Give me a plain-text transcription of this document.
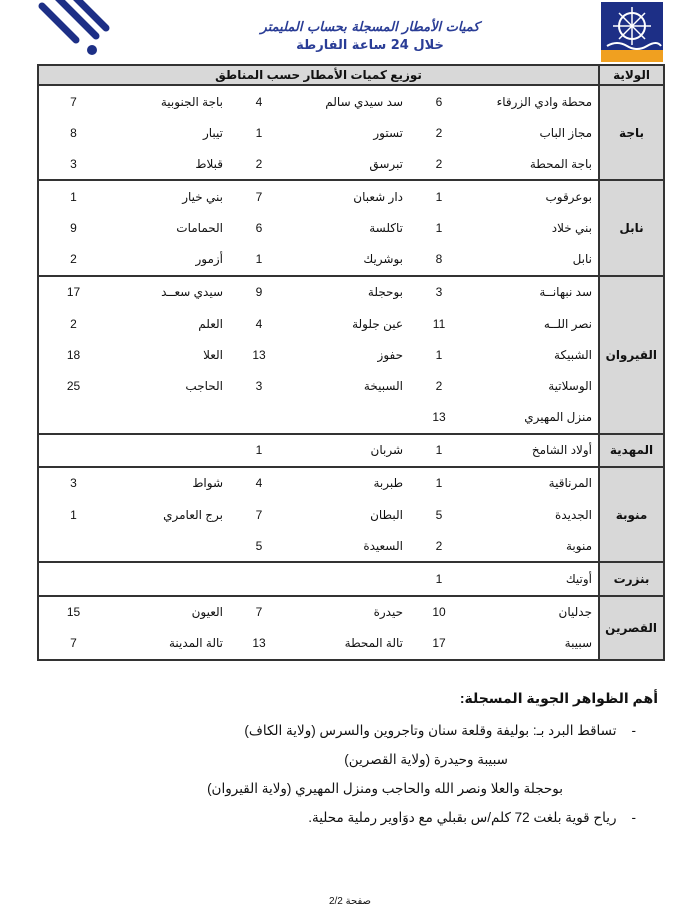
كميات الأمطار المسجلة بحساب المليمتر
خلال 24 ساعة الفارطة
الولاية	توزيع كميات الأمطار حسب المناطق					
باجة	محطة وادي الزرقاء	6	سد سيدي سالم	4	باجة الجنوبية	7
	مجاز الباب	2	تستور	1	تيبار	8
	باجة المحطة	2	تبرسق	2	قبلاط	3
نابل	بوعرقوب	1	دار شعبان	7	بني خيار	1
	بني خلاد	1	تاكلسة	6	الحمامات	9
	نابل	8	بوشريك	1	أزمور	2
القيروان	سد نبهانــة	3	بوحجلة	9	سيدي سعــد	17
	نصر اللــه	11	عين جلولة	4	العلم	2
	الشبيكة	1	حفوز	13	العلا	18
	الوسلاتية	2	السبيخة	3	الحاجب	25
	منزل المهيري	13				
المهدية	أولاد الشامخ	1	شربان	1		
منوبة	المرناقية	1	طبربة	4	شواط	3
	الجديدة	5	البطان	7	برج العامري	1
	منوبة	2	السعيدة	5		
بنزرت	أوتيك	1				
القصرين	جدليان	10	حيدرة	7	العيون	15
	سبيبة	17	تالة المحطة	13	تالة المدينة	7
أهم الظواهر الجوية المسجلة:
-    تساقط البرد بـ: بوليفة وقلعة سنان وتاجروين والسرس (ولاية الكاف)
سبيبة وحيدرة (ولاية القصرين)
بوحجلة والعلا ونصر الله والحاجب ومنزل المهيري (ولاية القيروان)
-    رياح قوية بلغت 72 كلم/س بقبلي مع دوَاوير رملية محلية.
صفحة 2/2
